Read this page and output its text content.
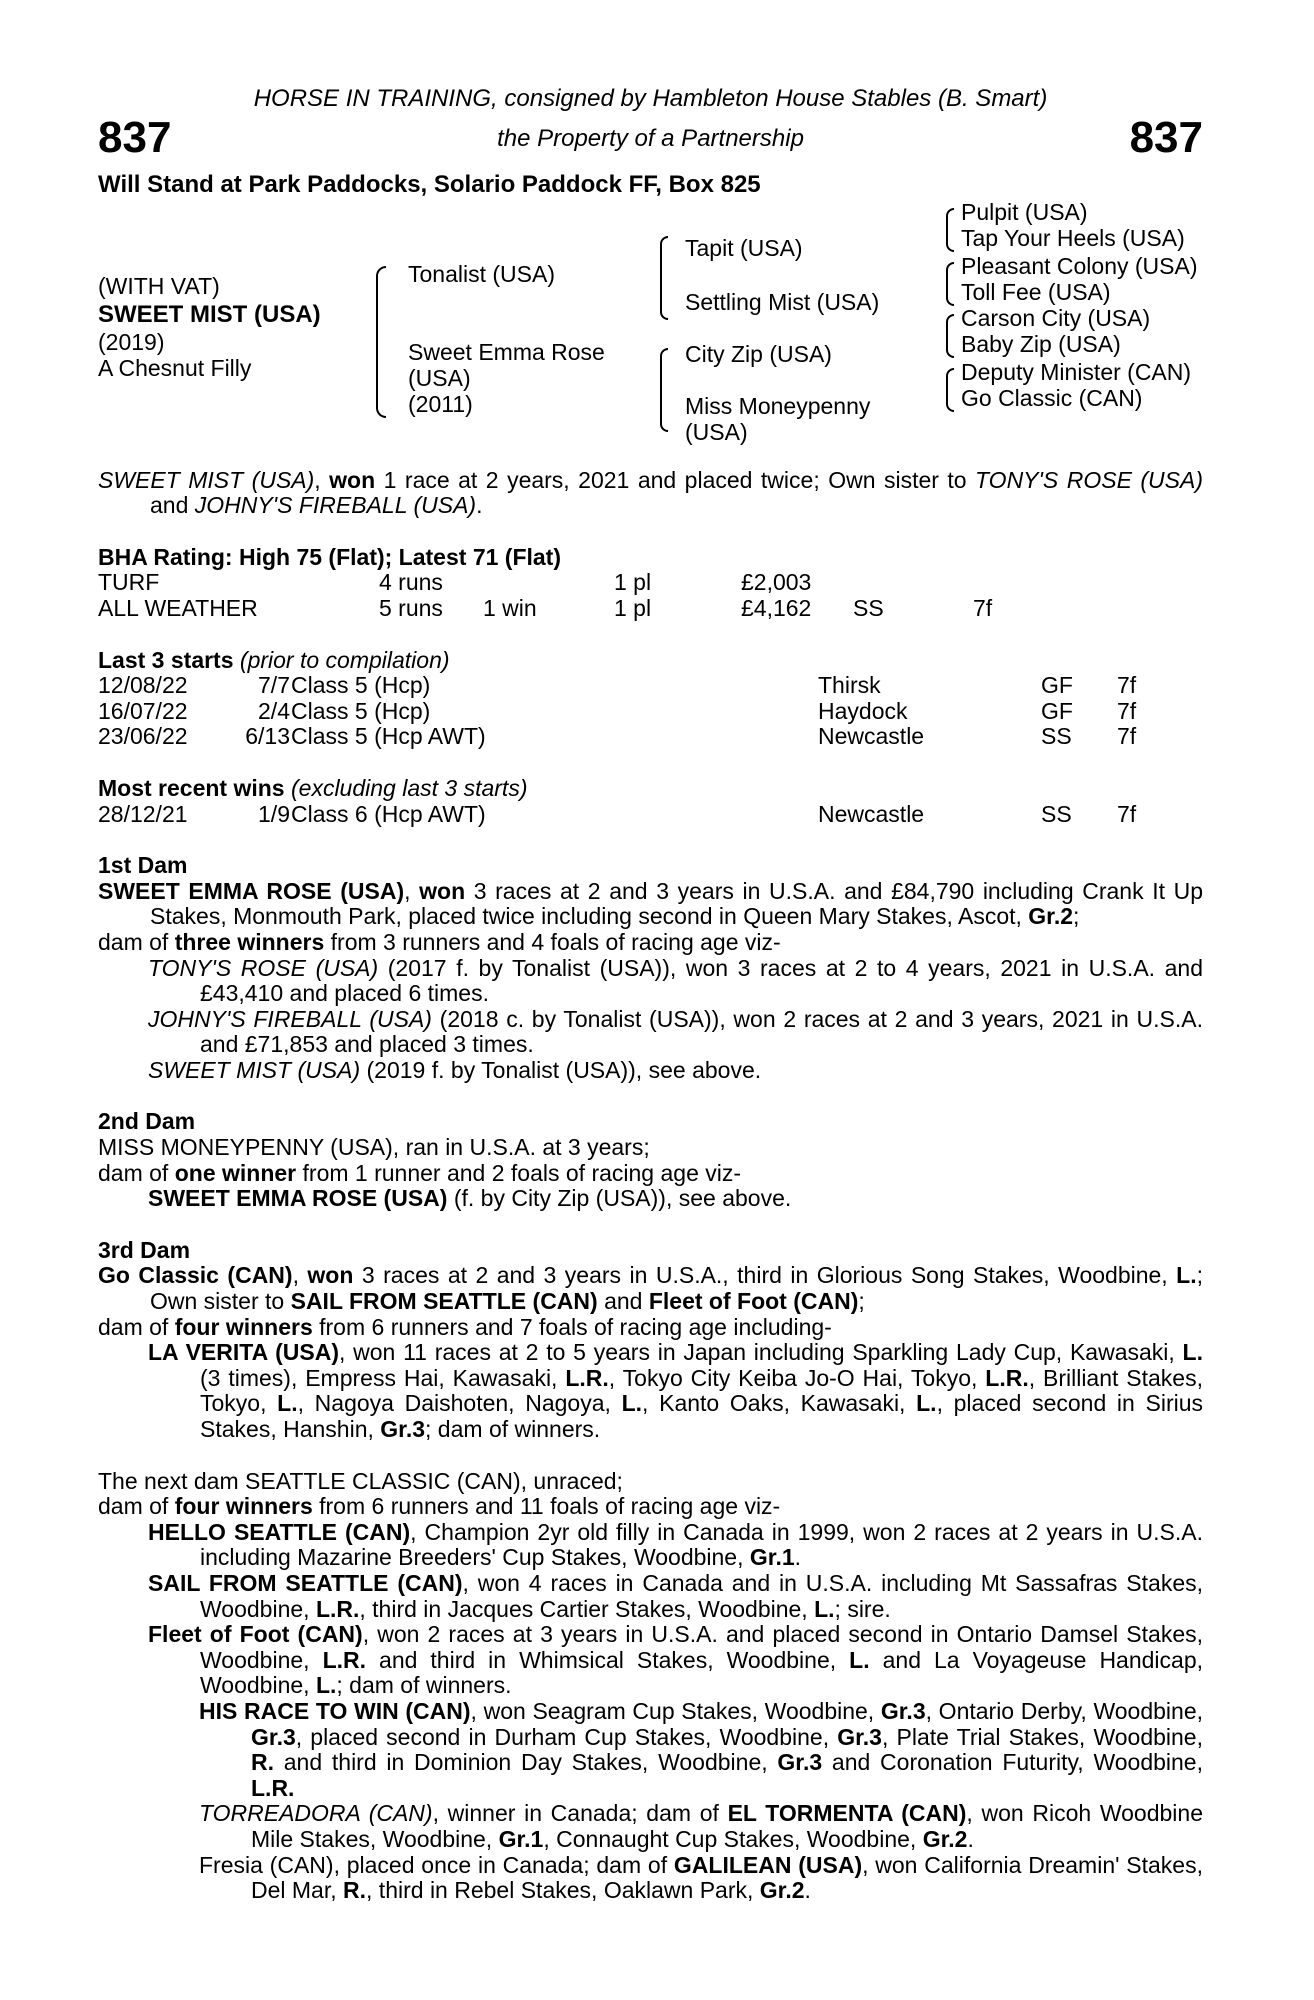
HORSE IN TRAINING, consigned by Hambleton House Stables (B. Smart)
the Property of a Partnership
837	837
Will Stand at Park Paddocks, Solario Paddock FF, Box 825
(WITH VAT)
SWEET MIST (USA)
(2019)
A Chesnut Filly
Tonalist (USA)
Sweet Emma Rose
(USA)
(2011)
Tapit (USA)
Settling Mist (USA)
City Zip (USA)
Miss Moneypenny
(USA)
Pulpit (USA)
Tap Your Heels (USA)
Pleasant Colony (USA)
Toll Fee (USA)
Carson City (USA)
Baby Zip (USA)
Deputy Minister (CAN)
Go Classic (CAN)

SWEET MIST (USA), won 1 race at 2 years, 2021 and placed twice; Own sister to TONY'S ROSE (USA) and JOHNY'S FIREBALL (USA).

BHA Rating: High 75 (Flat); Latest 71 (Flat)
TURF	4 runs	1 pl	£2,003
ALL WEATHER	5 runs 1 win	1 pl	£4,162 SS	7f
Last 3 starts (prior to compilation)
12/08/22	7/7 Class 5 (Hcp)	Thirsk	GF 7f
16/07/22	2/4 Class 5 (Hcp)	Haydock	GF 7f
23/06/22	6/13 Class 5 (Hcp AWT)	Newcastle	SS 7f
Most recent wins (excluding last 3 starts)
28/12/21	1/9 Class 6 (Hcp AWT)	Newcastle	SS 7f
1st Dam

SWEET EMMA ROSE (USA), won 3 races at 2 and 3 years in U.S.A. and £84,790 including Crank It Up Stakes, Monmouth Park, placed twice including second in Queen Mary Stakes, Ascot, Gr.2;

dam of three winners from 3 runners and 4 foals of racing age viz-

TONY'S ROSE (USA) (2017 f. by Tonalist (USA)), won 3 races at 2 to 4 years, 2021 in U.S.A. and £43,410 and placed 6 times.

JOHNY'S FIREBALL (USA) (2018 c. by Tonalist (USA)), won 2 races at 2 and 3 years, 2021 in U.S.A. and £71,853 and placed 3 times.

SWEET MIST (USA) (2019 f. by Tonalist (USA)), see above.

2nd Dam

MISS MONEYPENNY (USA), ran in U.S.A. at 3 years;

dam of one winner from 1 runner and 2 foals of racing age viz-

SWEET EMMA ROSE (USA) (f. by City Zip (USA)), see above.

3rd Dam

Go Classic (CAN), won 3 races at 2 and 3 years in U.S.A., third in Glorious Song Stakes, Woodbine, L.; Own sister to SAIL FROM SEATTLE (CAN) and Fleet of Foot (CAN);

dam of four winners from 6 runners and 7 foals of racing age including-

LA VERITA (USA), won 11 races at 2 to 5 years in Japan including Sparkling Lady Cup, Kawasaki, L. (3 times), Empress Hai, Kawasaki, L.R., Tokyo City Keiba Jo-O Hai, Tokyo, L.R., Brilliant Stakes, Tokyo, L., Nagoya Daishoten, Nagoya, L., Kanto Oaks, Kawasaki, L., placed second in Sirius Stakes, Hanshin, Gr.3; dam of winners.

The next dam SEATTLE CLASSIC (CAN), unraced;

dam of four winners from 6 runners and 11 foals of racing age viz-

HELLO SEATTLE (CAN), Champion 2yr old filly in Canada in 1999, won 2 races at 2 years in U.S.A. including Mazarine Breeders' Cup Stakes, Woodbine, Gr.1.

SAIL FROM SEATTLE (CAN), won 4 races in Canada and in U.S.A. including Mt Sassafras Stakes, Woodbine, L.R., third in Jacques Cartier Stakes, Woodbine, L.; sire.

Fleet of Foot (CAN), won 2 races at 3 years in U.S.A. and placed second in Ontario Damsel Stakes, Woodbine, L.R. and third in Whimsical Stakes, Woodbine, L. and La Voyageuse Handicap, Woodbine, L.; dam of winners.

HIS RACE TO WIN (CAN), won Seagram Cup Stakes, Woodbine, Gr.3, Ontario Derby, Woodbine, Gr.3, placed second in Durham Cup Stakes, Woodbine, Gr.3, Plate Trial Stakes, Woodbine, R. and third in Dominion Day Stakes, Woodbine, Gr.3 and Coronation Futurity, Woodbine, L.R.

TORREADORA (CAN), winner in Canada; dam of EL TORMENTA (CAN), won Ricoh Woodbine Mile Stakes, Woodbine, Gr.1, Connaught Cup Stakes, Woodbine, Gr.2.

Fresia (CAN), placed once in Canada; dam of GALILEAN (USA), won California Dreamin' Stakes, Del Mar, R., third in Rebel Stakes, Oaklawn Park, Gr.2.
